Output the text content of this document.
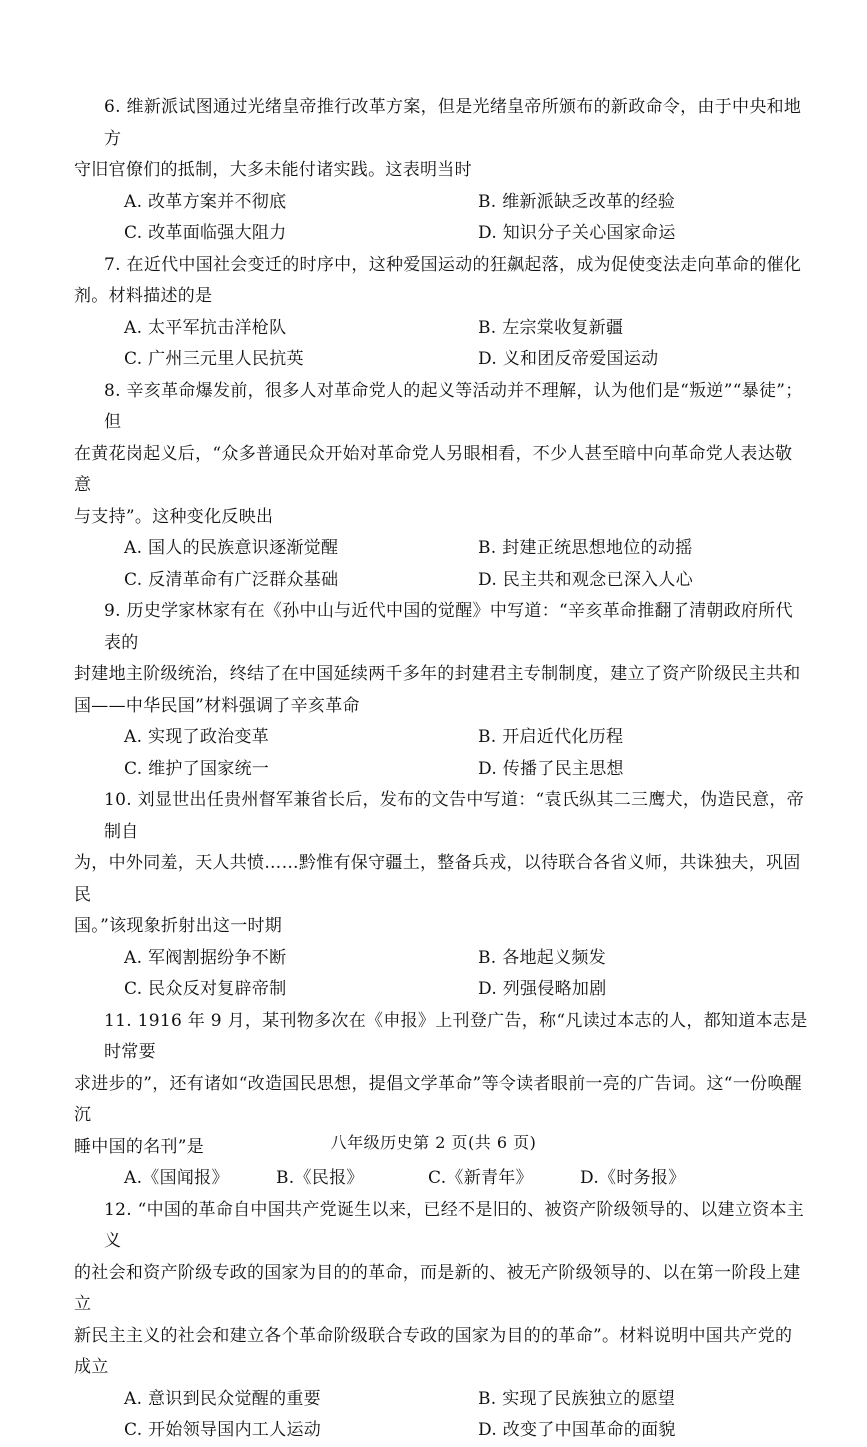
6. 维新派试图通过光绪皇帝推行改革方案，但是光绪皇帝所颁布的新政命令，由于中央和地方

守旧官僚们的抵制，大多未能付诸实践。这表明当时

A. 改革方案并不彻底	B. 维新派缺乏改革的经验
C. 改革面临强大阻力	D. 知识分子关心国家命运

7. 在近代中国社会变迁的时序中，这种爱国运动的狂飙起落，成为促使变法走向革命的催化

剂。材料描述的是

A. 太平军抗击洋枪队	B. 左宗棠收复新疆
C. 广州三元里人民抗英	D. 义和团反帝爱国运动

8. 辛亥革命爆发前，很多人对革命党人的起义等活动并不理解，认为他们是“叛逆”“暴徒”；但

在黄花岗起义后，“众多普通民众开始对革命党人另眼相看，不少人甚至暗中向革命党人表达敬意

与支持”。这种变化反映出

A. 国人的民族意识逐渐觉醒	B. 封建正统思想地位的动摇
C. 反清革命有广泛群众基础	D. 民主共和观念已深入人心

9. 历史学家林家有在《孙中山与近代中国的觉醒》中写道：“辛亥革命推翻了清朝政府所代表的

封建地主阶级统治，终结了在中国延续两千多年的封建君主专制制度，建立了资产阶级民主共和

国——中华民国”材料强调了辛亥革命

A. 实现了政治变革	B. 开启近代化历程
C. 维护了国家统一	D. 传播了民主思想

10. 刘显世出任贵州督军兼省长后，发布的文告中写道：“袁氏纵其二三鹰犬，伪造民意，帝制自

为，中外同羞，天人共愤……黔惟有保守疆土，整备兵戎，以待联合各省义师，共诛独夫，巩固民

国。”该现象折射出这一时期

A. 军阀割据纷争不断	B. 各地起义频发
C. 民众反对复辟帝制	D. 列强侵略加剧

11. 1916 年 9 月，某刊物多次在《申报》上刊登广告，称“凡读过本志的人，都知道本志是时常要

求进步的”，还有诸如“改造国民思想，提倡文学革命”等令读者眼前一亮的广告词。这“一份唤醒沉

睡中国的名刊”是

A.《国闻报》	B.《民报》	C.《新青年》	D.《时务报》

12. “中国的革命自中国共产党诞生以来，已经不是旧的、被资产阶级领导的、以建立资本主义

的社会和资产阶级专政的国家为目的的革命，而是新的、被无产阶级领导的、以在第一阶段上建立

新民主主义的社会和建立各个革命阶级联合专政的国家为目的的革命”。材料说明中国共产党的

成立

A. 意识到民众觉醒的重要	B. 实现了民族独立的愿望
C. 开始领导国内工人运动	D. 改变了中国革命的面貌
八年级历史第 2 页(共 6 页)
